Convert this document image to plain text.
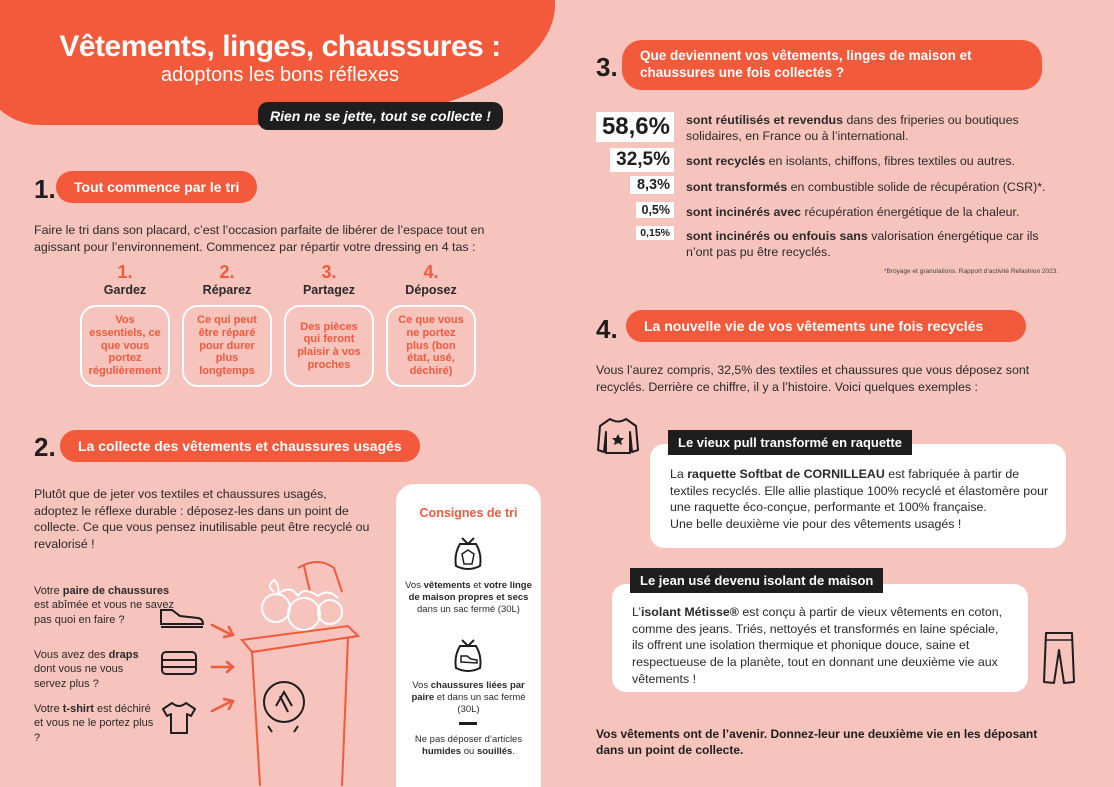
Vêtements, linges, chaussures :
adoptons les bons réflexes
Rien ne se jette, tout se collecte !
1.	Tout commence par le tri
Faire le tri dans son placard, c’est l’occasion parfaite de libérer de l’espace tout en agissant pour l’environnement. Commencez par répartir votre dressing en 4 tas :
1.
Gardez
Vos essentiels, ce que vous portez régulièrement
2.
Réparez
Ce qui peut être réparé pour durer plus longtemps
3.
Partagez
Des pièces qui feront plaisir à vos proches
4.
Déposez
Ce que vous ne portez plus (bon état, usé, déchiré)
2.	La collecte des vêtements et chaussures usagés
Plutôt que de jeter vos textiles et chaussures usagés, adoptez le réflexe durable : déposez-les dans un point de collecte. Ce que vous pensez inutilisable peut être recyclé ou revalorisé !
Votre paire de chaussures est abîmée et vous ne savez pas quoi en faire ?
Vous avez des draps dont vous ne vous servez plus ?
Votre t-shirt est déchiré et vous ne le portez plus ?
Consignes de tri
Vos vêtements et votre linge de maison propres et secs dans un sac fermé (30L)
Vos chaussures liées par paire et dans un sac fermé (30L)
Ne pas déposer d’articles humides ou souillés.
3.	Que deviennent vos vêtements, linges de maison et chaussures une fois collectés ?
58,6%	sont réutilisés et revendus dans des friperies ou boutiques solidaires, en France ou à l’international.
32,5%	sont recyclés en isolants, chiffons, fibres textiles ou autres.
8,3%	sont transformés en combustible solide de récupération (CSR)*.
0,5%	sont incinérés avec récupération énergétique de la chaleur.
0,15%	sont incinérés ou enfouis sans valorisation énergétique car ils n’ont pas pu être recyclés.
*Broyage et granulations. Rapport d’activité Refashion 2023.
4.	La nouvelle vie de vos vêtements une fois recyclés
Vous l’aurez compris, 32,5% des textiles et chaussures que vous déposez sont recyclés. Derrière ce chiffre, il y a l’histoire. Voici quelques exemples :
Le vieux pull transformé en raquette
La raquette Softbat de CORNILLEAU est fabriquée à partir de textiles recyclés. Elle allie plastique 100% recyclé et élastomère pour une raquette éco-conçue, performante et 100% française.
Une belle deuxième vie pour des vêtements usagés !
Le jean usé devenu isolant de maison
L’isolant Métisse® est conçu à partir de vieux vêtements en coton, comme des jeans. Triés, nettoyés et transformés en laine spéciale, ils offrent une isolation thermique et phonique douce, saine et respectueuse de la planète, tout en donnant une deuxième vie aux vêtements !
Vos vêtements ont de l’avenir. Donnez-leur une deuxième vie en les déposant dans un point de collecte.
